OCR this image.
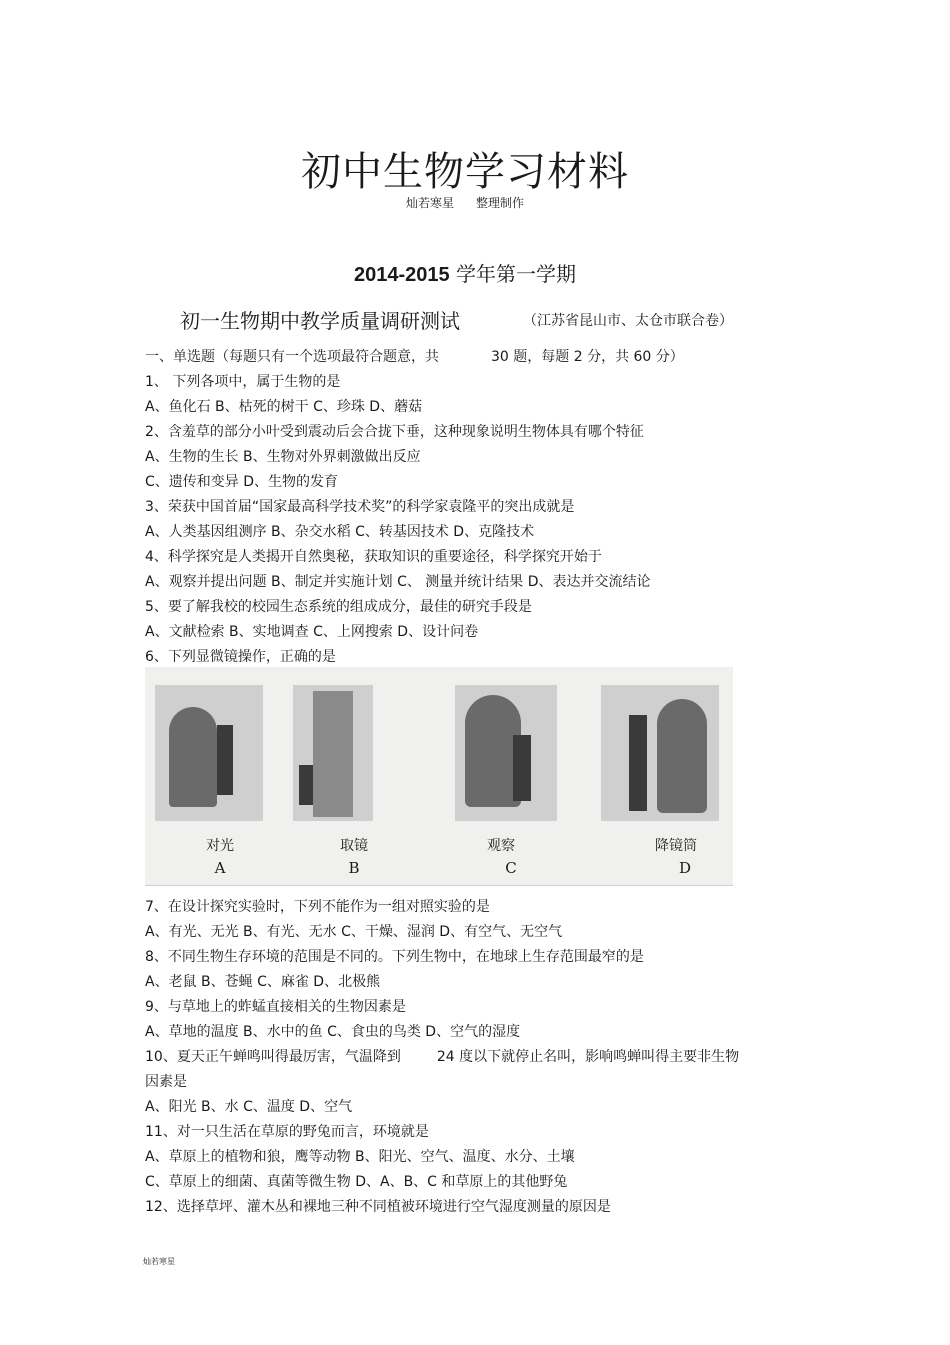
初中生物学习材料
灿若寒星 整理制作
2014-2015 学年第一学期
初一生物期中教学质量调研测试	（江苏省昆山市、太仓市联合卷）
一、单选题（每题只有一个选项最符合题意，共	30 题，每题 2 分，共 60 分）
1、 下列各项中，属于生物的是
A、鱼化石 B、枯死的树干 C、珍珠 D、蘑菇
2、含羞草的部分小叶受到震动后会合拢下垂，这种现象说明生物体具有哪个特征
A、生物的生长 B、生物对外界刺激做出反应
C、遗传和变异 D、生物的发育
3、荣获中国首届“国家最高科学技术奖”的科学家袁隆平的突出成就是
A、人类基因组测序 B、杂交水稻 C、转基因技术 D、克隆技术
4、科学探究是人类揭开自然奥秘，获取知识的重要途径，科学探究开始于
A、观察并提出问题 B、制定并实施计划 C、 测量并统计结果 D、表达并交流结论
5、要了解我校的校园生态系统的组成成分，最佳的研究手段是
A、文献检索 B、实地调查 C、上网搜索 D、设计问卷
6、下列显微镜操作，正确的是
对光	取镜	观察	降镜筒
A	B	C	D
7、在设计探究实验时，下列不能作为一组对照实验的是
A、有光、无光 B、有光、无水 C、干燥、湿润 D、有空气、无空气
8、不同生物生存环境的范围是不同的。下列生物中，在地球上生存范围最窄的是
A、老鼠 B、苍蝇 C、麻雀 D、北极熊
9、与草地上的蚱蜢直接相关的生物因素是
A、草地的温度 B、水中的鱼 C、食虫的鸟类 D、空气的湿度
10、夏天正午蝉鸣叫得最厉害，气温降到	24 度以下就停止名叫，影响鸣蝉叫得主要非生物
因素是
A、阳光 B、水 C、温度 D、空气
11、对一只生活在草原的野兔而言，环境就是
A、草原上的植物和狼，鹰等动物 B、阳光、空气、温度、水分、土壤
C、草原上的细菌、真菌等微生物 D、A、B、C 和草原上的其他野兔
12、选择草坪、灌木丛和裸地三种不同植被环境进行空气湿度测量的原因是
灿若寒星
